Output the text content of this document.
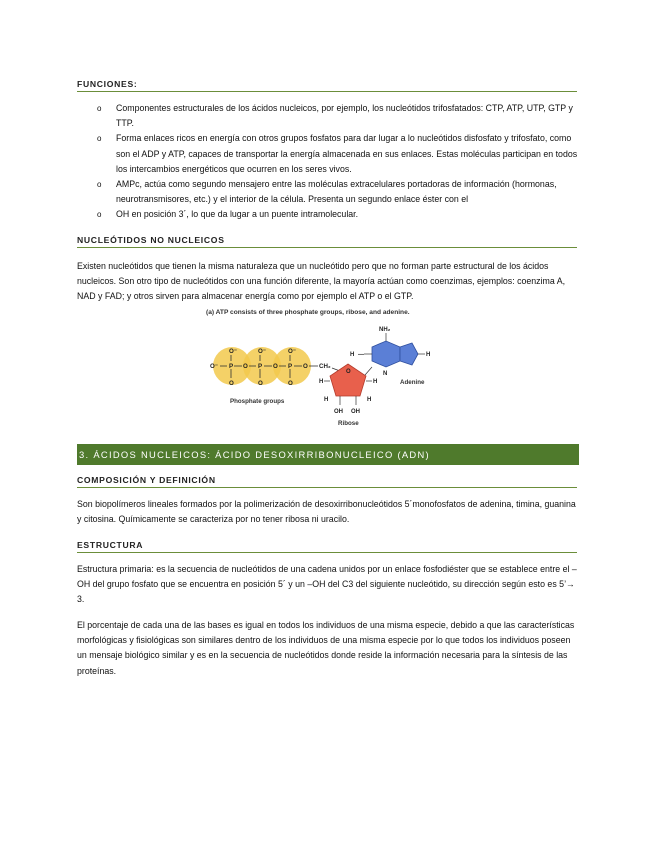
FUNCIONES:
o Componentes estructurales de los ácidos nucleicos, por ejemplo, los nucleótidos trifosfatados: CTP, ATP, UTP, GTP y TTP.
o Forma enlaces ricos en energía con otros grupos fosfatos para dar lugar a lo nucleótidos disfosfato y trifosfato, como son el ADP y ATP, capaces de transportar la energía almacenada en sus enlaces. Estas moléculas participan en todos los intercambios energéticos que ocurren en los seres vivos.
o AMPc, actúa como segundo mensajero entre las moléculas extracelulares portadoras de información (hormonas, neurotransmisores, etc.) y el interior de la célula. Presenta un segundo enlace éster con el
o OH en posición 3´, lo que da lugar a un puente intramolecular.
NUCLEÓTIDOS NO NUCLEICOS

Existen nucleótidos que tienen la misma naturaleza que un nucleótido pero que no forman parte estructural de los ácidos nucleicos. Son otro tipo de nucleótidos con una función diferente, la mayoría actúan como coenzimas, ejemplos: coenzima A, NAD y FAD; y otros sirven para almacenar energía como por ejemplo el ATP o el GTP.

(a) ATP consists of three phosphate groups, ribose, and adenine.
O⁻ P	P	P
O⁻	O⁻	O⁻
O	O	O
O	O	O CH₂
O
H	H
H	H
OH OH
NH₂
H —	H
N
Phosphate groups
Ribose
Adenine
3. ÁCIDOS NUCLEICOS: ÁCIDO DESOXIRRIBONUCLEICO (ADN)
COMPOSICIÓN Y DEFINICIÓN

Son biopolímeros lineales formados por la polimerización de desoxirribonucleótidos 5´monofosfatos de adenina, timina, guanina y citosina. Químicamente se caracteriza por no tener ribosa ni uracilo.

ESTRUCTURA

Estructura primaria: es la secuencia de nucleótidos de una cadena unidos por un enlace fosfodiéster que se establece entre el –OH del grupo fosfato que se encuentra en posición 5´ y un –OH del C3 del siguiente nucleótido, su dirección según esto es 5’→ 3.

El porcentaje de cada una de las bases es igual en todos los individuos de una misma especie, debido a que las características morfológicas y fisiológicas son similares dentro de los individuos de una misma especie por lo que todos los individuos poseen un mensaje biológico similar y es en la secuencia de nucleótidos donde reside la información necesaria para la síntesis de las proteínas.
